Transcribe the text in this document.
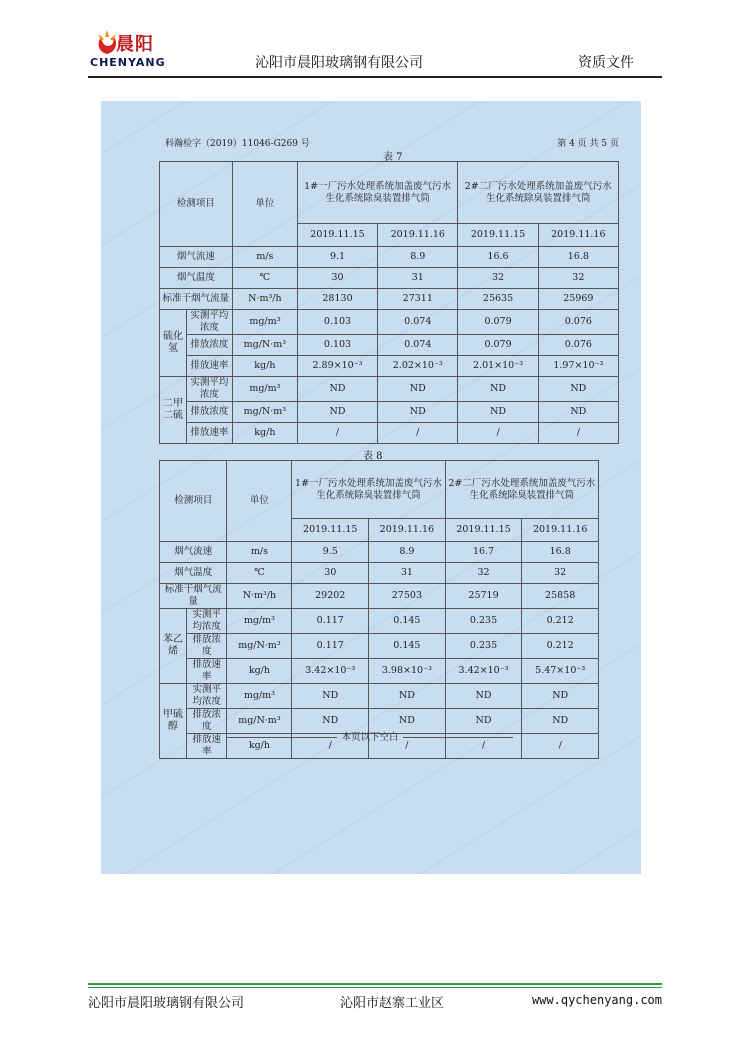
晨阳
CHENYANG	沁阳市晨阳玻璃钢有限公司	资质文件
科瀚检字（2019）11046-G269 号	第 4 页 共 5 页
表 7
检测项目		单位	1#一厂污水处理系统加盖废气污水生化系统除臭装置排气筒		2#二厂污水处理系统加盖废气污水生化系统除臭装置排气筒	
			2019.11.15	2019.11.16	2019.11.15	2019.11.16
烟气流速		m/s	9.1	8.9	16.6	16.8
烟气温度		℃	30	31	32	32
标准干烟气流量		N·m³/h	28130	27311	25635	25969
硫化氢	实测平均浓度	mg/m³	0.103	0.074	0.079	0.076
	排放浓度	mg/N·m³	0.103	0.074	0.079	0.076
	排放速率	kg/h	2.89×10⁻³	2.02×10⁻³	2.01×10⁻³	1.97×10⁻³
二甲二硫	实测平均浓度	mg/m³	ND	ND	ND	ND
	排放浓度	mg/N·m³	ND	ND	ND	ND
	排放速率	kg/h	/	/	/	/
表 8
检测项目		单位	1#一厂污水处理系统加盖废气污水生化系统除臭装置排气筒		2#二厂污水处理系统加盖废气污水生化系统除臭装置排气筒	
			2019.11.15	2019.11.16	2019.11.15	2019.11.16
烟气流速		m/s	9.5	8.9	16.7	16.8
烟气温度		℃	30	31	32	32
标准干烟气流量		N·m³/h	29202	27503	25719	25858
苯乙烯	实测平均浓度	mg/m³	0.117	0.145	0.235	0.212
	排放浓度	mg/N·m³	0.117	0.145	0.235	0.212
	排放速率	kg/h	3.42×10⁻³	3.98×10⁻³	3.42×10⁻³	5.47×10⁻³
甲硫醇	实测平均浓度	mg/m³	ND	ND	ND	ND
	排放浓度	mg/N·m³	ND	ND	ND	ND
	排放速率	kg/h	/	/	/	/
本页以下空白
沁阳市晨阳玻璃钢有限公司	沁阳市赵寨工业区	www.qychenyang.com
